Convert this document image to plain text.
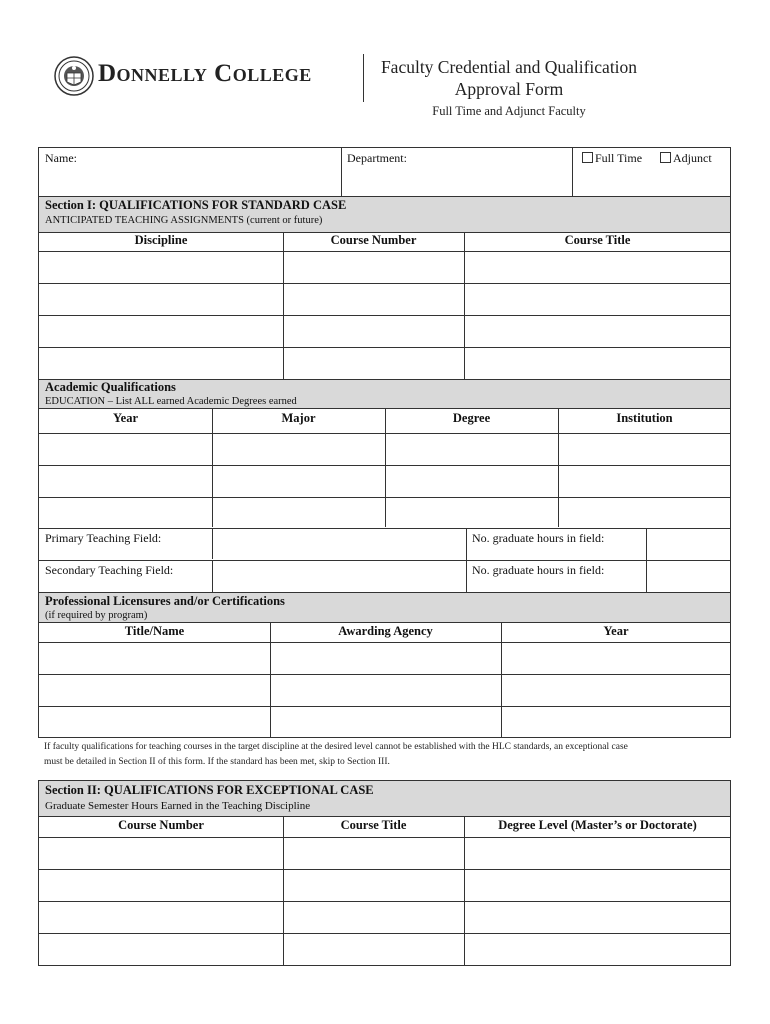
Donnelly College	Faculty Credential and Qualification
Approval Form
Full Time and Adjunct Faculty
Name:	Department:	Full Time	Adjunct
Section I: QUALIFICATIONS FOR STANDARD CASE
ANTICIPATED TEACHING ASSIGNMENTS (current or future)
Discipline	Course Number	Course Title
Academic Qualifications
EDUCATION – List ALL earned Academic Degrees earned
Year	Major	Degree	Institution
Primary Teaching Field:	No. graduate hours in field:
Secondary Teaching Field:	No. graduate hours in field:
Professional Licensures and/or Certifications
(if required by program)
Title/Name	Awarding Agency	Year
If faculty qualifications for teaching courses in the target discipline at the desired level cannot be established with the HLC standards, an exceptional case
must be detailed in Section II of this form. If the standard has been met, skip to Section III.
Section II: QUALIFICATIONS FOR EXCEPTIONAL CASE
Graduate Semester Hours Earned in the Teaching Discipline
Course Number	Course Title	Degree Level (Master’s or Doctorate)
